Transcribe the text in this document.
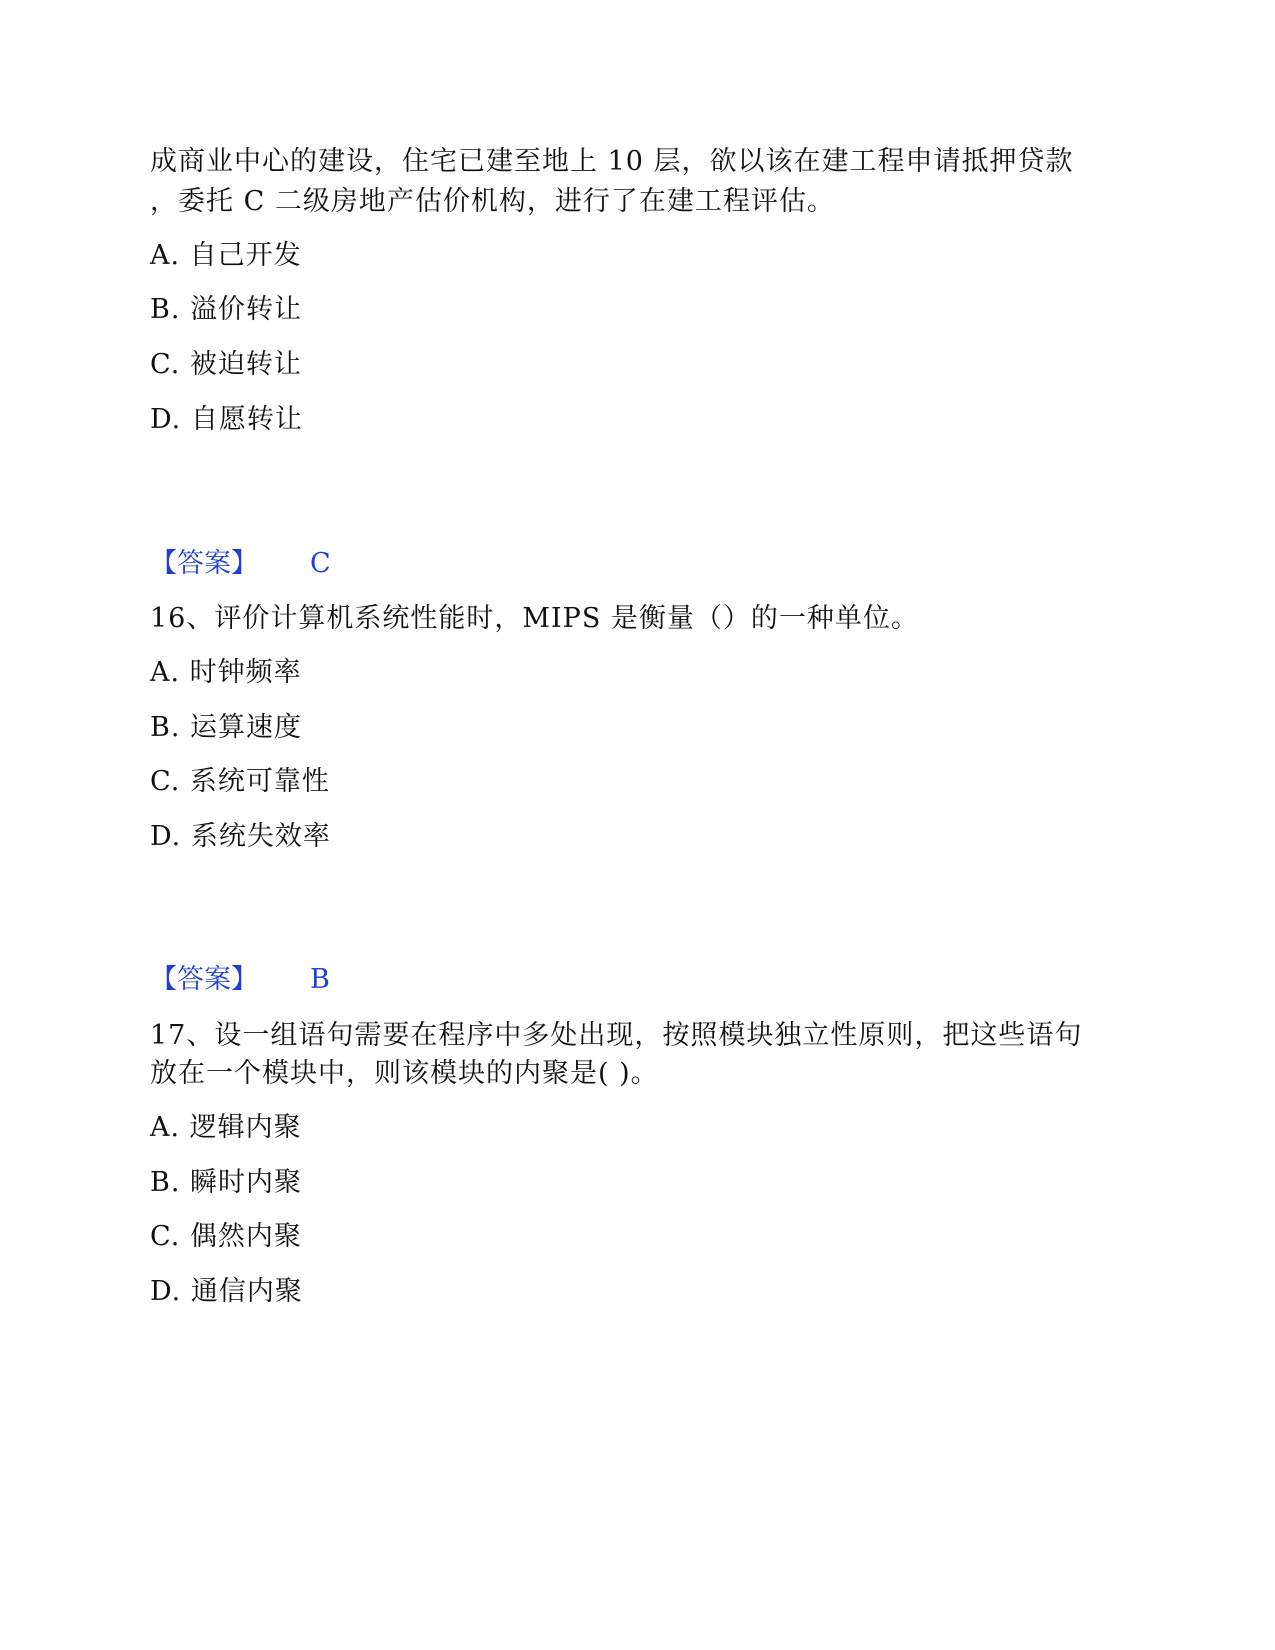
成商业中心的建设，住宅已建至地上 10 层，欲以该在建工程申请抵押贷款
，委托 C 二级房地产估价机构，进行了在建工程评估。
A. 自己开发
B. 溢价转让
C. 被迫转让
D. 自愿转让
【答案】 C
16、评价计算机系统性能时，MIPS 是衡量（）的一种单位。
A. 时钟频率
B. 运算速度
C. 系统可靠性
D. 系统失效率
【答案】 B
17、设一组语句需要在程序中多处出现，按照模块独立性原则，把这些语句
放在一个模块中，则该模块的内聚是( )。
A. 逻辑内聚
B. 瞬时内聚
C. 偶然内聚
D. 通信内聚
